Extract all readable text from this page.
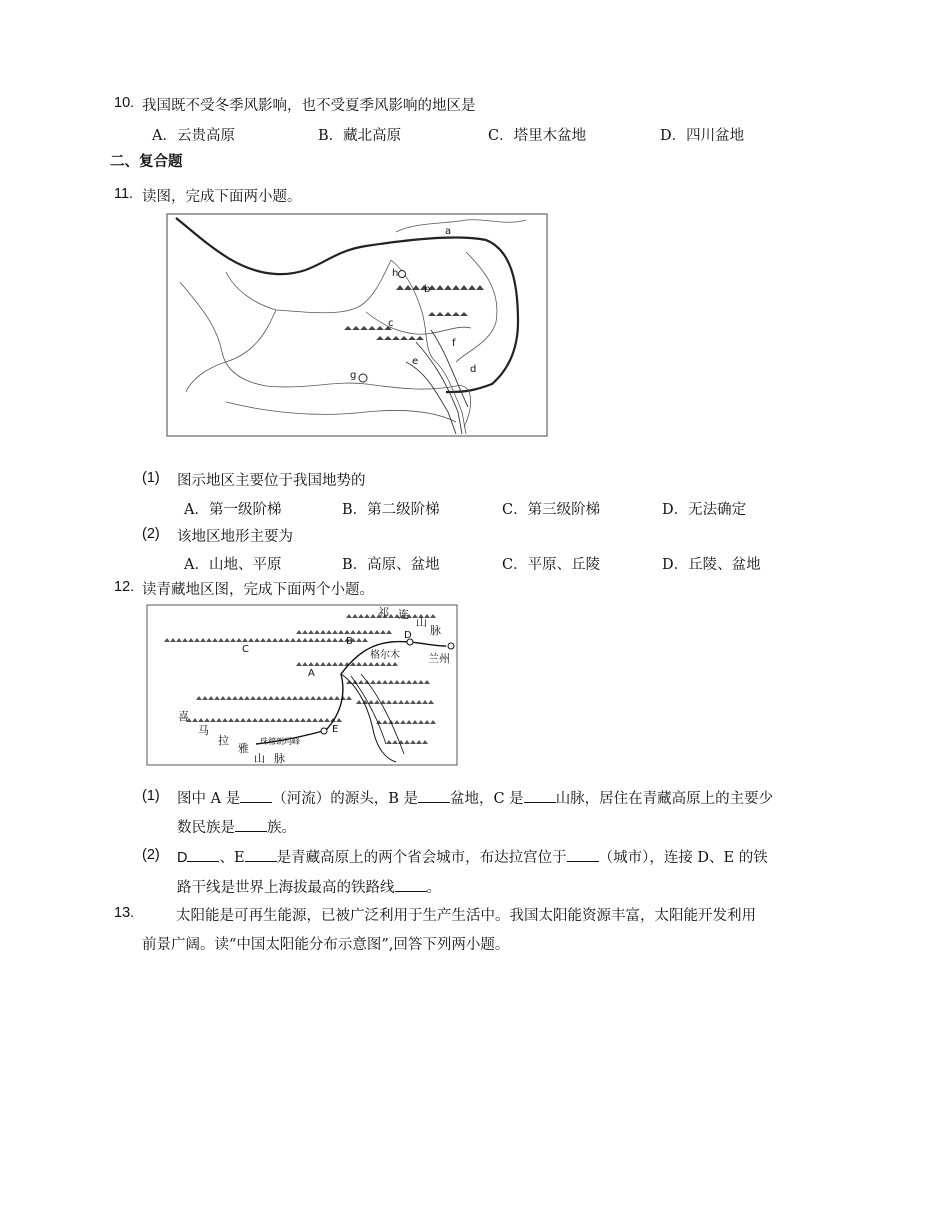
10. 我国既不受冬季风影响，也不受夏季风影响的地区是
A．云贵高原	B．藏北高原	C．塔里木盆地	D．四川盆地
二、复合题
11. 读图，完成下面两小题。
a
h
b
c
f
e
d
g
(1) 图示地区主要位于我国地势的
A．第一级阶梯	B．第二级阶梯	C．第三级阶梯	D．无法确定
(2) 该地区地形主要为
A．山地、平原	B．高原、盆地	C．平原、丘陵	D．丘陵、盆地
12. 读青藏地区图，完成下面两个小题。
祁 连
山
脉
D
兰州
B
格尔木
C
A
E
喜
马
拉
雅
山 脉
珠穆朗玛峰
(1) 图中 A 是 （河流）的源头，B 是 盆地，C 是 山脉，居住在青藏高原上的主要少
数民族是 族。
(2) D 、E 是青藏高原上的两个省会城市，布达拉宫位于 （城市），连接 D、E 的铁
路干线是世界上海拔最高的铁路线 。
13.	太阳能是可再生能源，已被广泛利用于生产生活中。我国太阳能资源丰富，太阳能开发利用
前景广阔。读“中国太阳能分布示意图”,回答下列两小题。
